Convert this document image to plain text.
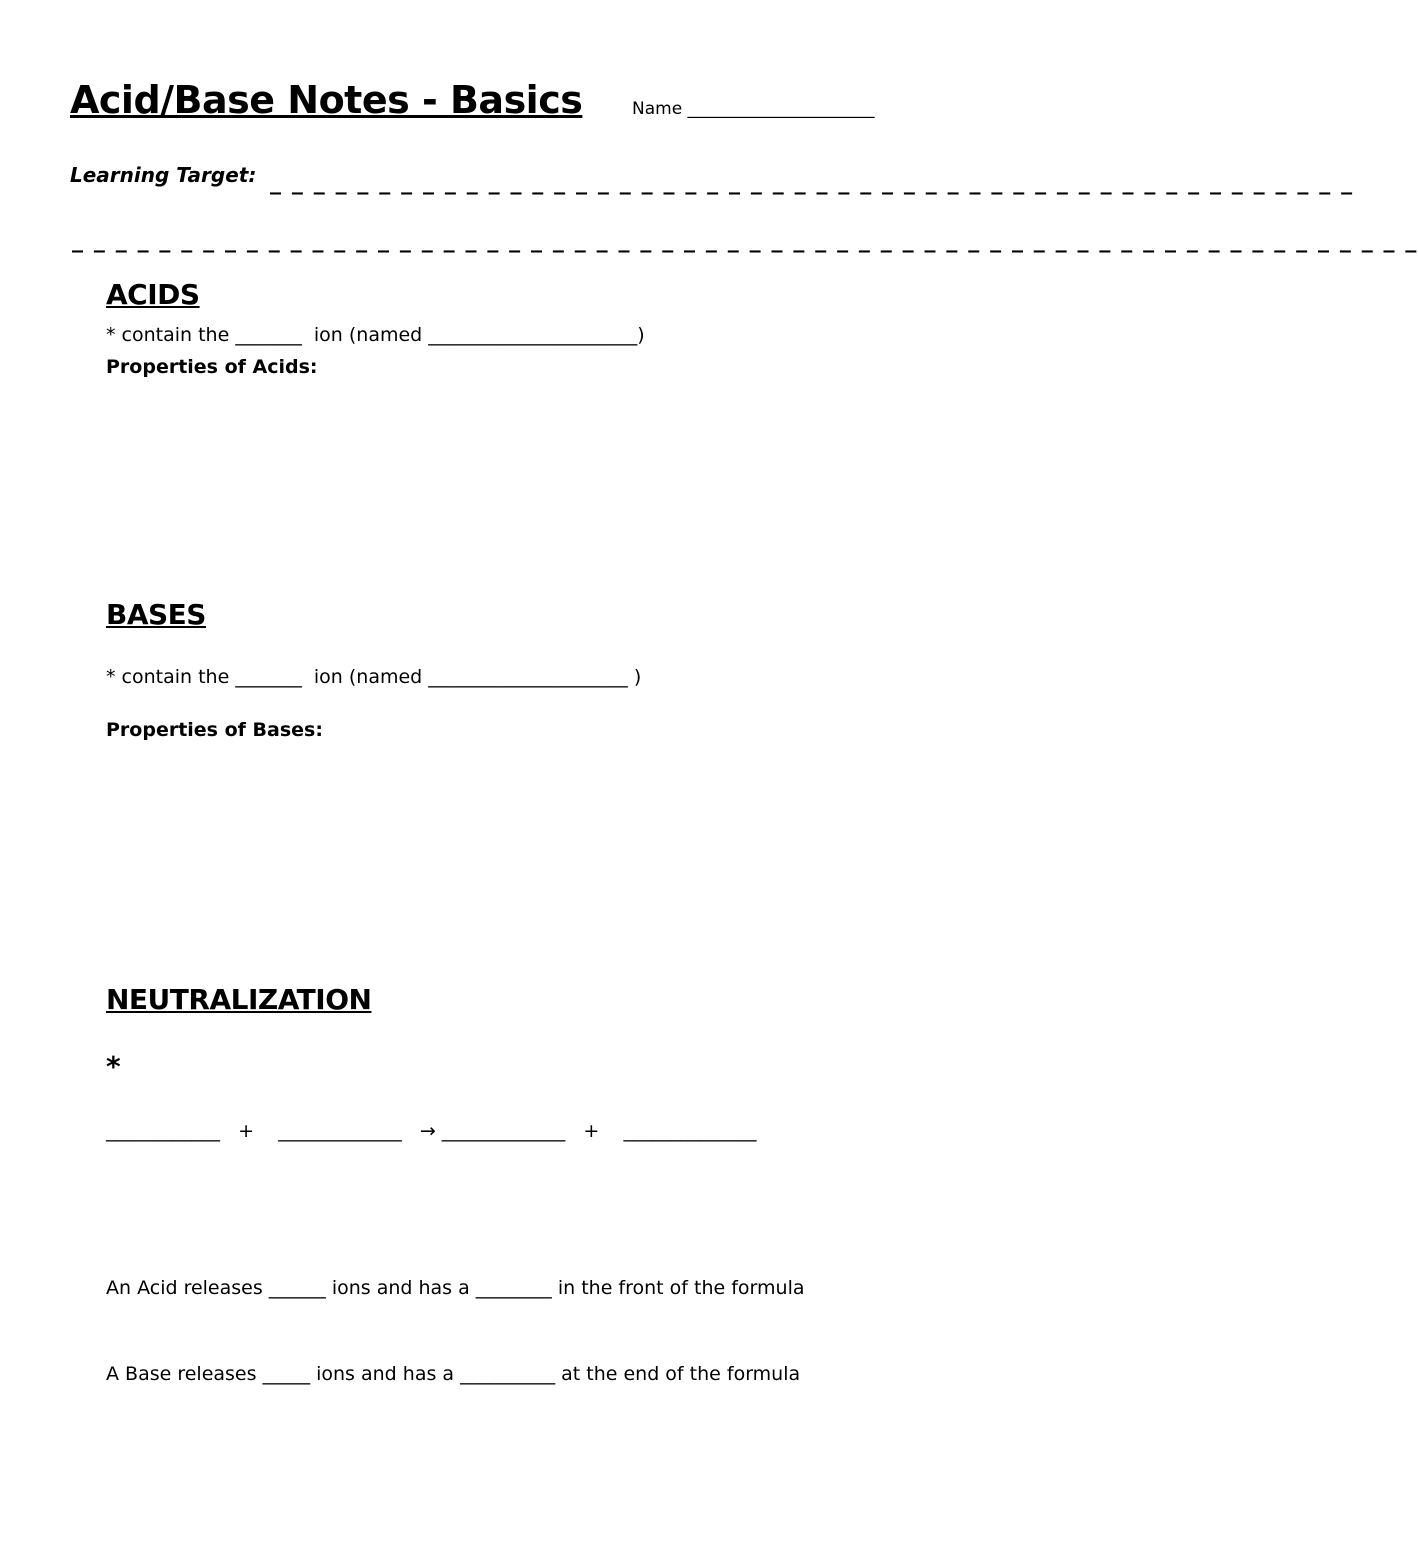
Acid/Base Notes - Basics	Name ______________________
Learning Target: _ _ _ _ _ _ _ _ _ _ _ _ _ _ _ _ _ _ _ _ _ _ _ _ _ _ _ _ _ _ _ _ _ _ _ _ _ _ _ _ _ _ _ _ _ _ _ _ _ _
_ _ _ _ _ _ _ _ _ _ _ _ _ _ _ _ _ _ _ _ _ _ _ _ _ _ _ _ _ _ _ _ _ _ _ _ _ _ _ _ _ _ _ _ _ _ _ _ _ _ _ _ _ _ _ _ _ _ _ _ _ _
ACIDS
* contain the _______  ion (named ______________________)
Properties of Acids:
BASES
* contain the _______  ion (named _____________________ )
Properties of Bases:
NEUTRALIZATION
*
____________   +    _____________   → _____________   +    ______________
An Acid releases ______ ions and has a ________ in the front of the formula
A Base releases _____ ions and has a __________ at the end of the formula
